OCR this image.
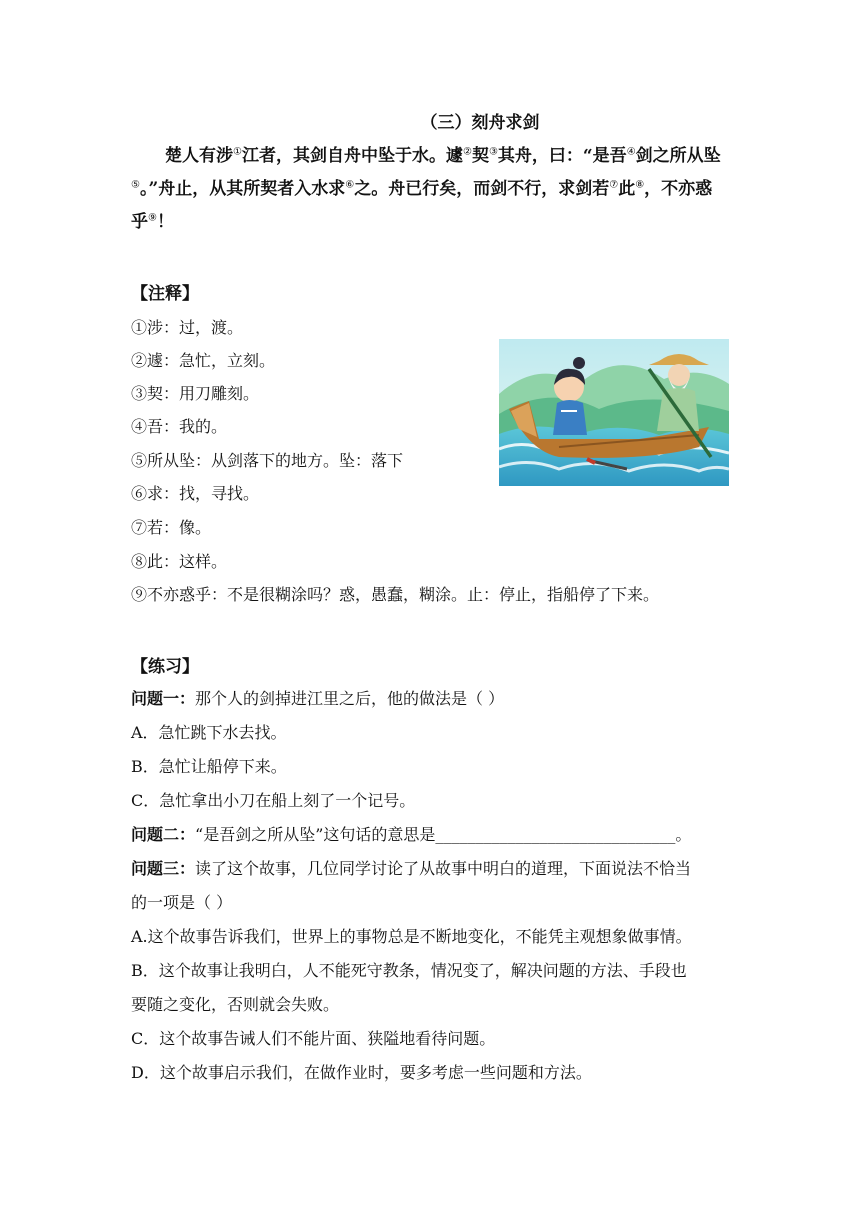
（三）刻舟求剑

楚人有涉①江者，其剑自舟中坠于水。遽②契③其舟，曰：“是吾④剑之所从坠⑤。”舟止，从其所契者入水求⑥之。舟已行矣，而剑不行，求剑若⑦此⑧，不亦惑乎⑨！

【注释】
①涉：过，渡。
②遽：急忙，立刻。
③契：用刀雕刻。
④吾：我的。
⑤所从坠：从剑落下的地方。坠：落下
⑥求：找，寻找。
⑦若：像。
⑧此：这样。
⑨不亦惑乎：不是很糊涂吗？惑，愚蠢，糊涂。止：停止，指船停了下来。
【练习】
问题一：那个人的剑掉进江里之后，他的做法是（ ）
A．急忙跳下水去找。
B．急忙让船停下来。
C．急忙拿出小刀在船上刻了一个记号。
问题二：“是吾剑之所从坠”这句话的意思是______________________________。
问题三：读了这个故事，几位同学讨论了从故事中明白的道理，下面说法不恰当
的一项是（ ）
A.这个故事告诉我们，世界上的事物总是不断地变化，不能凭主观想象做事情。
B．这个故事让我明白，人不能死守教条，情况变了，解决问题的方法、手段也
要随之变化，否则就会失败。
C．这个故事告诫人们不能片面、狭隘地看待问题。
D．这个故事启示我们，在做作业时，要多考虑一些问题和方法。
